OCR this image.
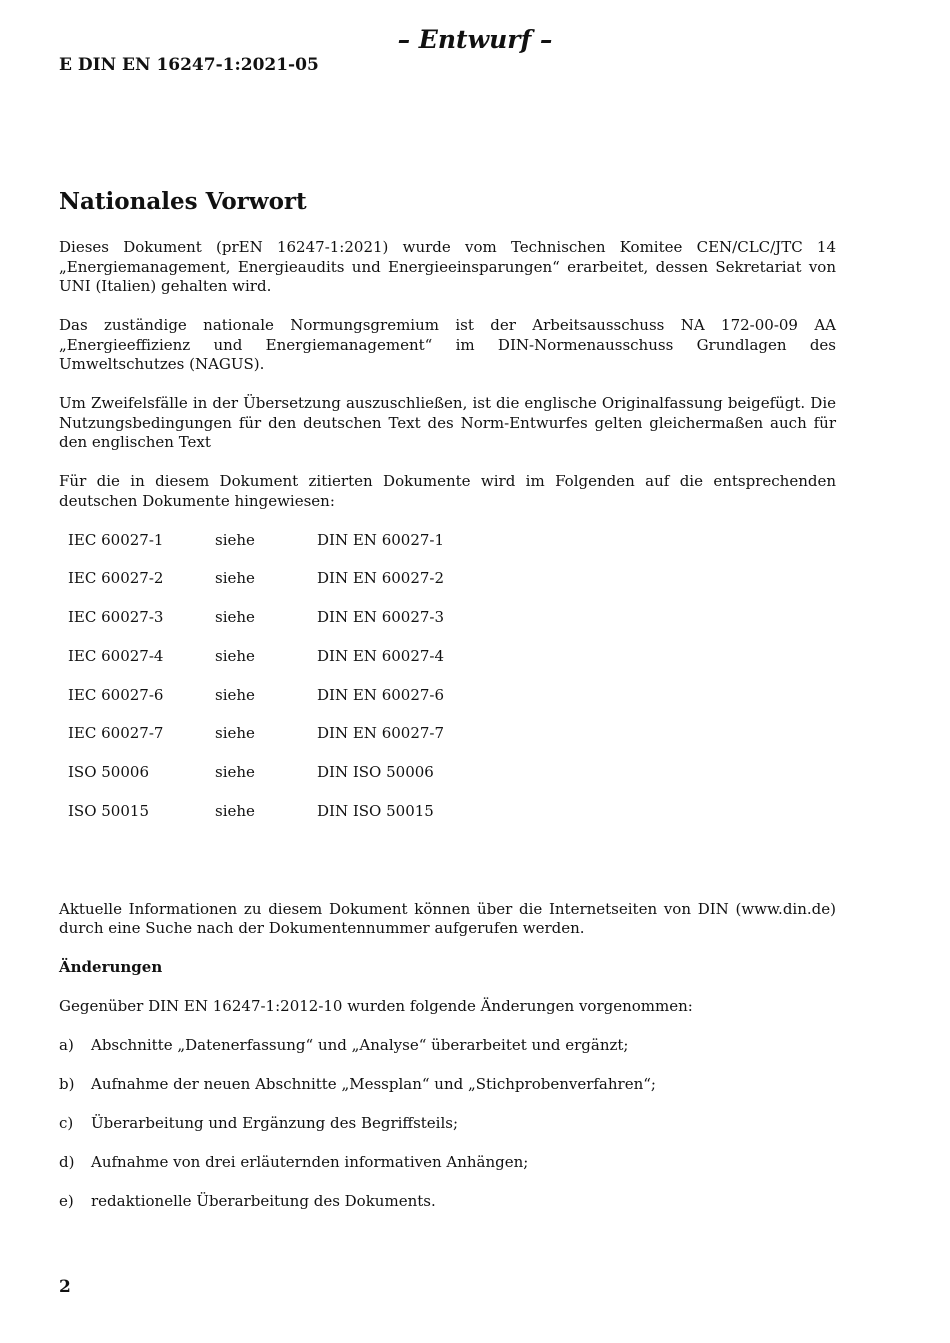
– Entwurf –
E DIN EN 16247-1:2021-05
Nationales Vorwort

Dieses Dokument (prEN 16247-1:2021) wurde vom Technischen Komitee CEN/CLC/JTC 14 „Energiemanagement, Energieaudits und Energieeinsparungen“ erarbeitet, dessen Sekretariat von UNI (Italien) gehalten wird.

Das zuständige nationale Normungsgremium ist der Arbeitsausschuss NA 172-00-09 AA „Energieeffizienz und Energiemanagement“ im DIN-Normenausschuss Grundlagen des Umweltschutzes (NAGUS).

Um Zweifelsfälle in der Übersetzung auszuschließen, ist die englische Originalfassung beigefügt. Die Nutzungsbedingungen für den deutschen Text des Norm-Entwurfes gelten gleichermaßen auch für den englischen Text

Für die in diesem Dokument zitierten Dokumente wird im Folgenden auf die entsprechenden deutschen Dokumente hingewiesen:

IEC 60027-1	siehe	DIN EN 60027-1
IEC 60027-2	siehe	DIN EN 60027-2
IEC 60027-3	siehe	DIN EN 60027-3
IEC 60027-4	siehe	DIN EN 60027-4
IEC 60027-6	siehe	DIN EN 60027-6
IEC 60027-7	siehe	DIN EN 60027-7
ISO 50006	siehe	DIN ISO 50006
ISO 50015	siehe	DIN ISO 50015

Aktuelle Informationen zu diesem Dokument können über die Internetseiten von DIN (www.din.de) durch eine Suche nach der Dokumentennummer aufgerufen werden.

Änderungen

Gegenüber DIN EN 16247-1:2012-10 wurden folgende Änderungen vorgenommen:

a)	Abschnitte „Datenerfassung“ und „Analyse“ überarbeitet und ergänzt;
b)	Aufnahme der neuen Abschnitte „Messplan“ und „Stichprobenverfahren“;
c)	Überarbeitung und Ergänzung des Begriffsteils;
d)	Aufnahme von drei erläuternden informativen Anhängen;
e)	redaktionelle Überarbeitung des Dokuments.
2
